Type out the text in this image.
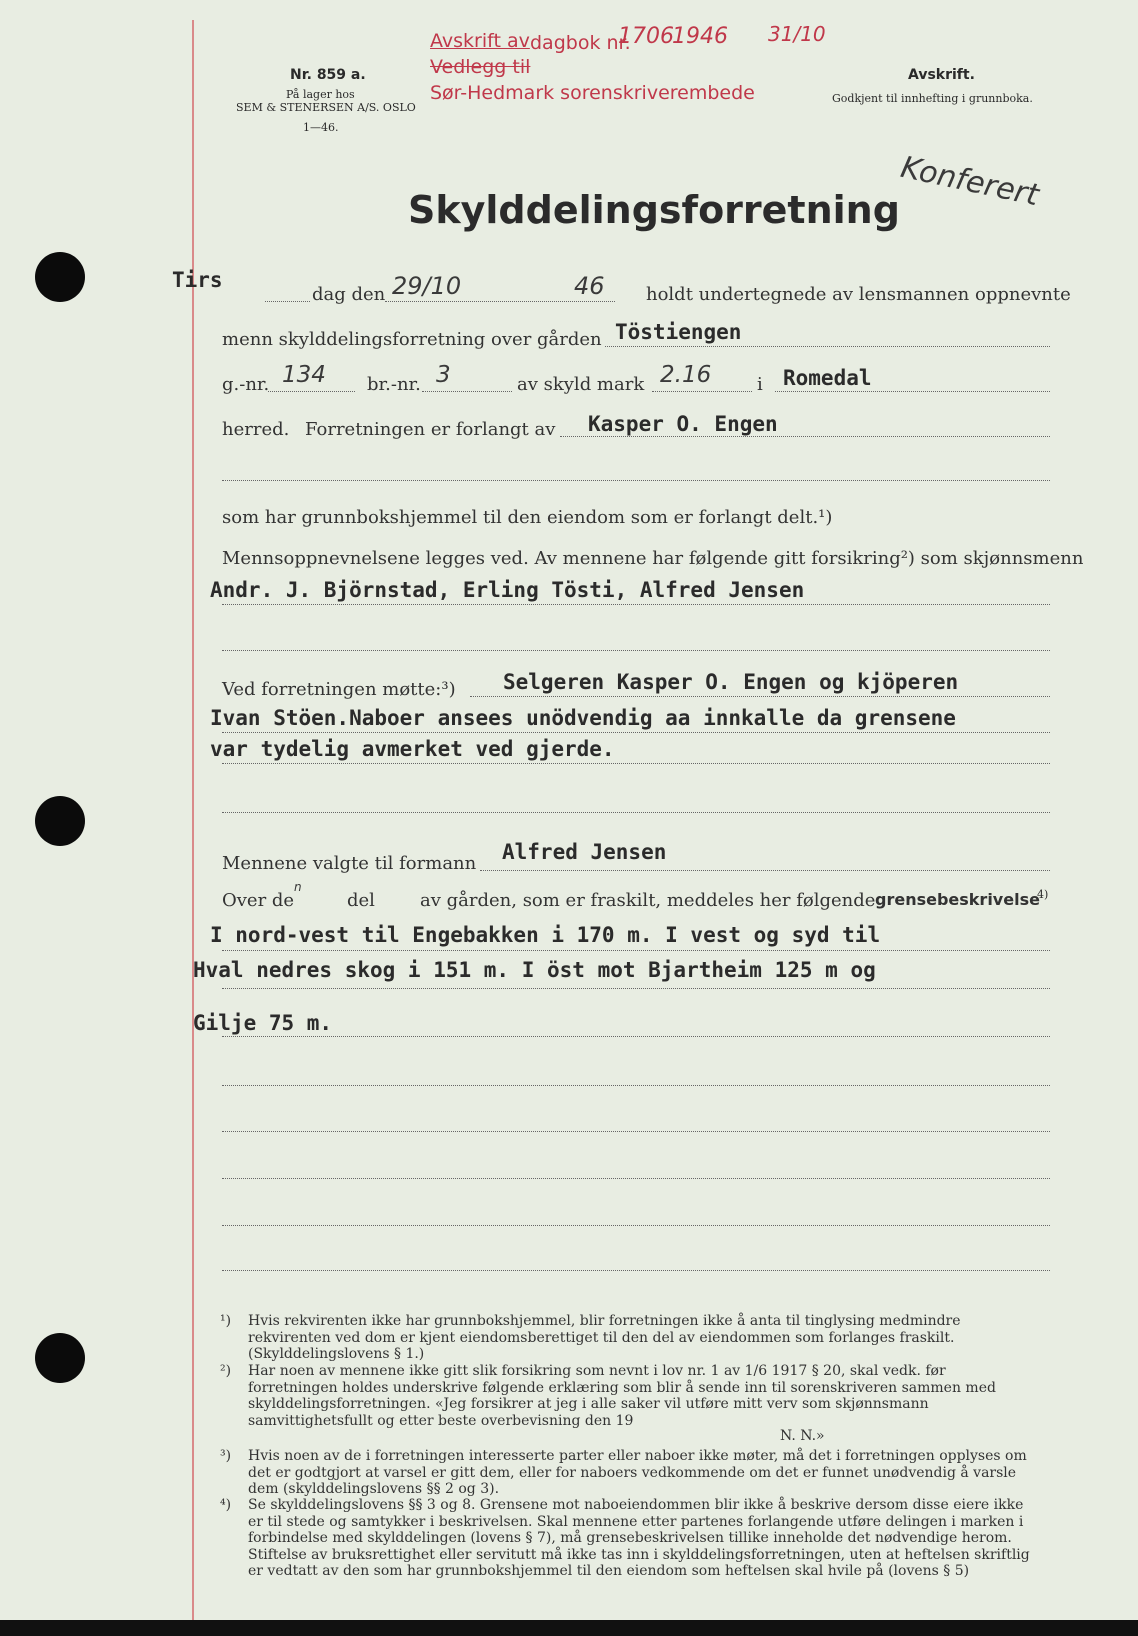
Avskrift av dagbok nr.
1706
1946 31/10
Vedlegg til
Sør-Hedmark sorenskriverembede
Nr. 859 a.
På lager hos
SEM & STENERSEN A/S. OSLO
1—46.
Avskrift.
Godkjent til innhefting i grunnboka.
Konferert
Skylddelingsforretning
Tirs
dag den 29/10	46 holdt undertegnede av lensmannen oppnevnte
menn skylddelingsforretning over gården Töstiengen
g.-nr. 134 br.-nr. 3	av skyld mark 2.16	i Romedal
herred. Forretningen er forlangt av Kasper O. Engen
som har grunnbokshjemmel til den eiendom som er forlangt delt.¹)
Mennsoppnevnelsene legges ved. Av mennene har følgende gitt forsikring²) som skjønnsmenn
Andr. J. Björnstad, Erling Tösti, Alfred Jensen
Ved forretningen møtte:³) Selgeren Kasper O. Engen og kjöperen
Ivan Stöen.Naboer ansees unödvendig aa innkalle da grensene
var tydelig avmerket ved gjerde.
Mennene valgte til formann Alfred Jensen
Over de
n
del	av gården, som er fraskilt, meddeles her følgende grensebeskrivelse
4)
I nord-vest til Engebakken i 170 m. I vest og syd til
Hval nedres skog i 151 m. I öst mot Bjartheim 125 m og
Gilje 75 m.
¹) Hvis rekvirenten ikke har grunnbokshjemmel, blir forretningen ikke å anta til tinglysing medmindre rekvirenten ved dom er kjent eiendomsberettiget til den del av eiendommen som forlanges fraskilt. (Skylddelingslovens § 1.)
²) Har noen av mennene ikke gitt slik forsikring som nevnt i lov nr. 1 av 1/6 1917 § 20, skal vedk. før forretningen holdes underskrive følgende erklæring som blir å sende inn til sorenskriveren sammen med skylddelingsforretningen. «Jeg forsikrer at jeg i alle saker vil utføre mitt verv som skjønnsmann samvittighetsfullt og etter beste overbevisning den 19
N. N.»
³) Hvis noen av de i forretningen interesserte parter eller naboer ikke møter, må det i forretningen opplyses om det er godtgjort at varsel er gitt dem, eller for naboers vedkommende om det er funnet unødvendig å varsle dem (skylddelingslovens §§ 2 og 3).
⁴) Se skylddelingslovens §§ 3 og 8. Grensene mot naboeiendommen blir ikke å beskrive dersom disse eiere ikke er til stede og samtykker i beskrivelsen. Skal mennene etter partenes forlangende utføre delingen i marken i forbindelse med skylddelingen (lovens § 7), må grensebeskrivelsen tillike inneholde det nødvendige herom. Stiftelse av bruksrettighet eller servitutt må ikke tas inn i skylddelingsforretningen, uten at heftelsen skriftlig er vedtatt av den som har grunnbokshjemmel til den eiendom som heftelsen skal hvile på (lovens § 5)
